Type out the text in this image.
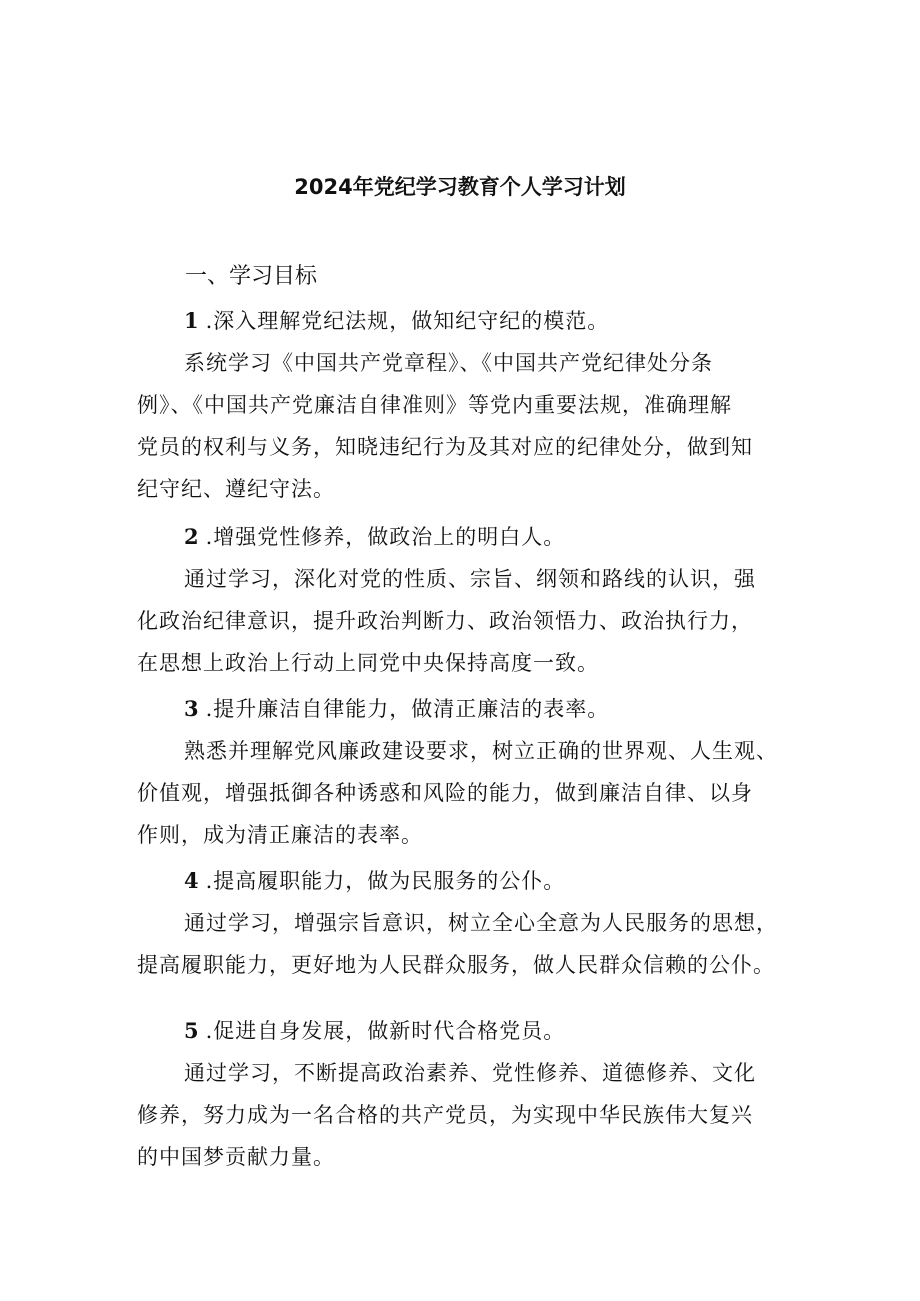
2024年党纪学习教育个人学习计划
一、学习目标

1 .深入理解党纪法规，做知纪守纪的模范。

系统学习《中国共产党章程》、《中国共产党纪律处分条
例》、《中国共产党廉洁自律准则》等党内重要法规，准确理解
党员的权利与义务，知晓违纪行为及其对应的纪律处分，做到知
纪守纪、遵纪守法。

2 .增强党性修养，做政治上的明白人。

通过学习，深化对党的性质、宗旨、纲领和路线的认识，强
化政治纪律意识，提升政治判断力、政治领悟力、政治执行力，
在思想上政治上行动上同党中央保持高度一致。

3 .提升廉洁自律能力，做清正廉洁的表率。

熟悉并理解党风廉政建设要求，树立正确的世界观、人生观、
价值观，增强抵御各种诱惑和风险的能力，做到廉洁自律、以身
作则，成为清正廉洁的表率。

4 .提高履职能力，做为民服务的公仆。

通过学习，增强宗旨意识，树立全心全意为人民服务的思想，
提高履职能力，更好地为人民群众服务，做人民群众信赖的公仆。

5 .促进自身发展，做新时代合格党员。

通过学习，不断提高政治素养、党性修养、道德修养、文化
修养，努力成为一名合格的共产党员，为实现中华民族伟大复兴
的中国梦贡献力量。
